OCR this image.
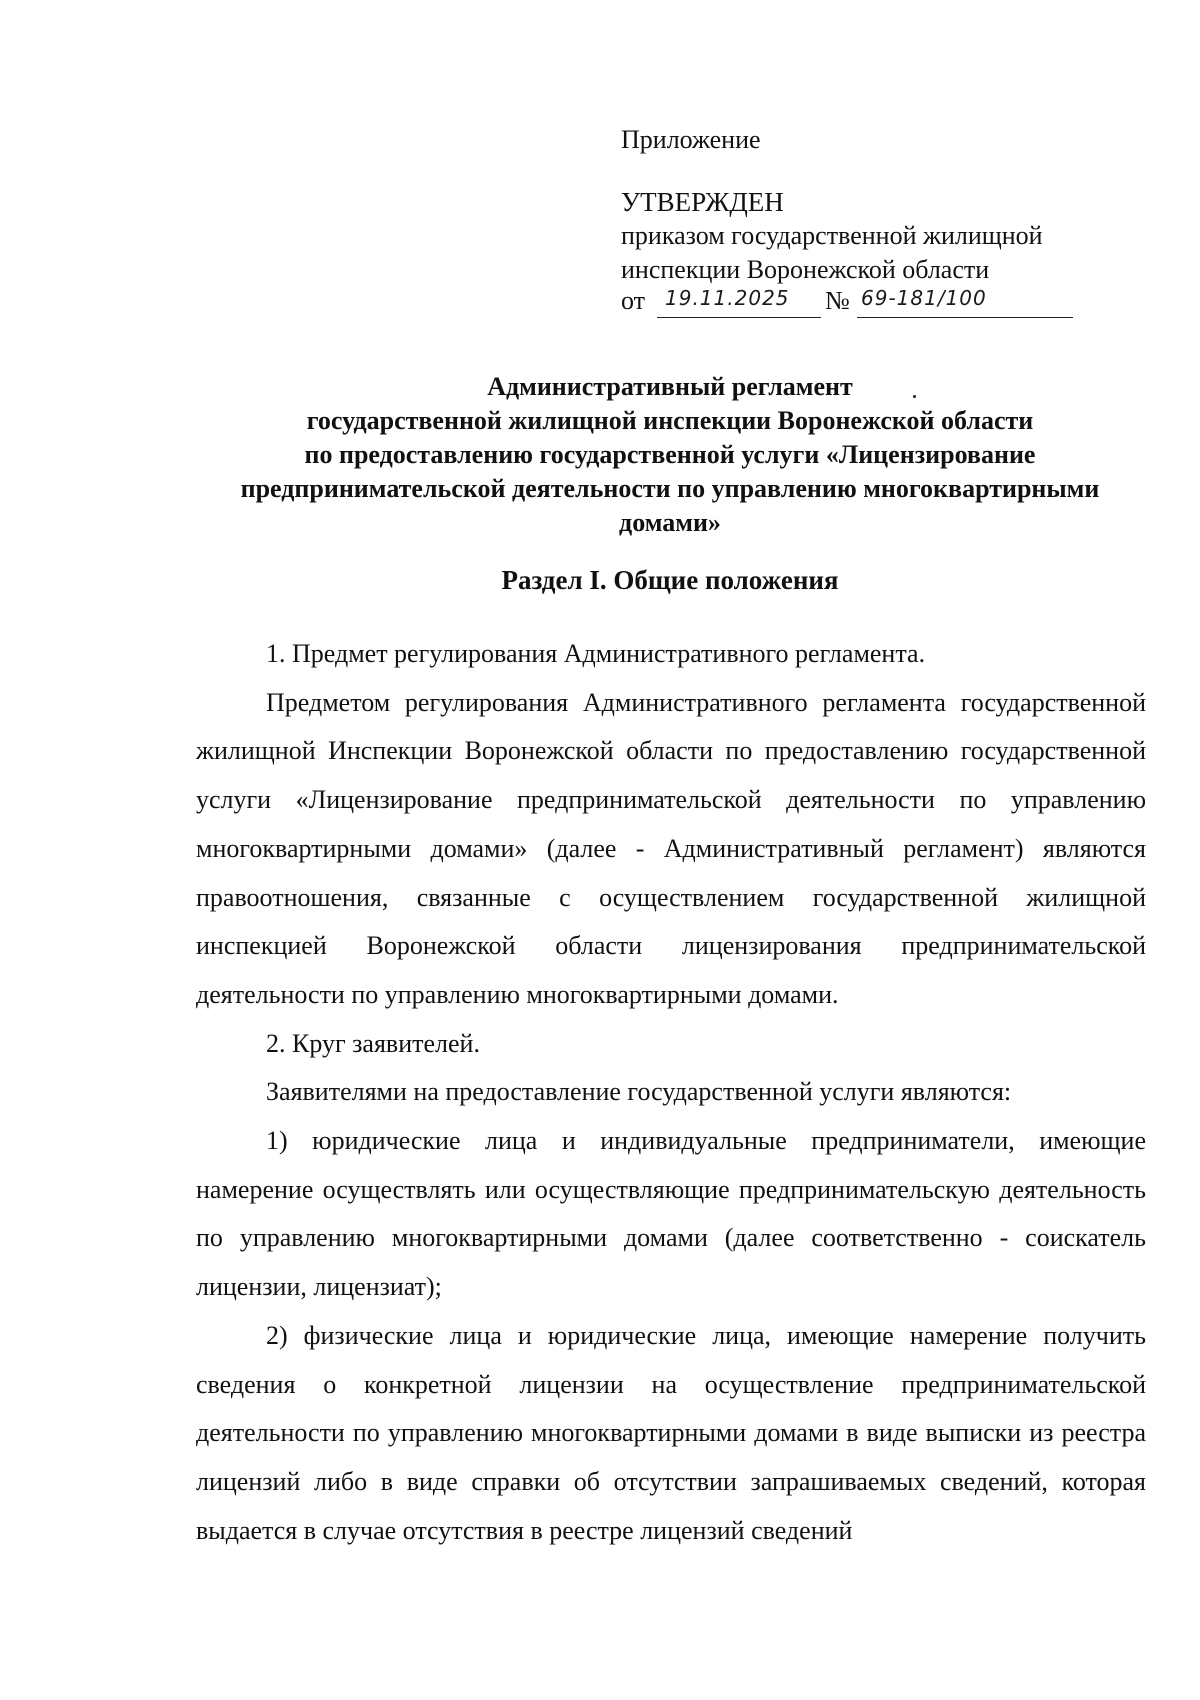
Приложение
УТВЕРЖДЕН
приказом государственной жилищной
инспекции Воронежской области
от 19.11.2025 № 69-181/100
Административный регламент
государственной жилищной инспекции Воронежской области
по предоставлению государственной услуги «Лицензирование
предпринимательской деятельности по управлению многоквартирными
домами»
Раздел I. Общие положения

1. Предмет регулирования Административного регламента.

Предметом регулирования Административного регламента государственной жилищной Инспекции Воронежской области по предоставлению государственной услуги «Лицензирование предпринимательской деятельности по управлению многоквартирными домами» (далее - Административный регламент) являются правоотношения, связанные с осуществлением государственной жилищной инспекцией Воронежской области лицензирования предпринимательской деятельности по управлению многоквартирными домами.

2. Круг заявителей.

Заявителями на предоставление государственной услуги являются:

1) юридические лица и индивидуальные предприниматели, имеющие намерение осуществлять или осуществляющие предпринимательскую деятельность по управлению многоквартирными домами (далее соответственно - соискатель лицензии, лицензиат);

2) физические лица и юридические лица, имеющие намерение получить сведения о конкретной лицензии на осуществление предпринимательской деятельности по управлению многоквартирными домами в виде выписки из реестра лицензий либо в виде справки об отсутствии запрашиваемых сведений, которая выдается в случае отсутствия в реестре лицензий сведений
